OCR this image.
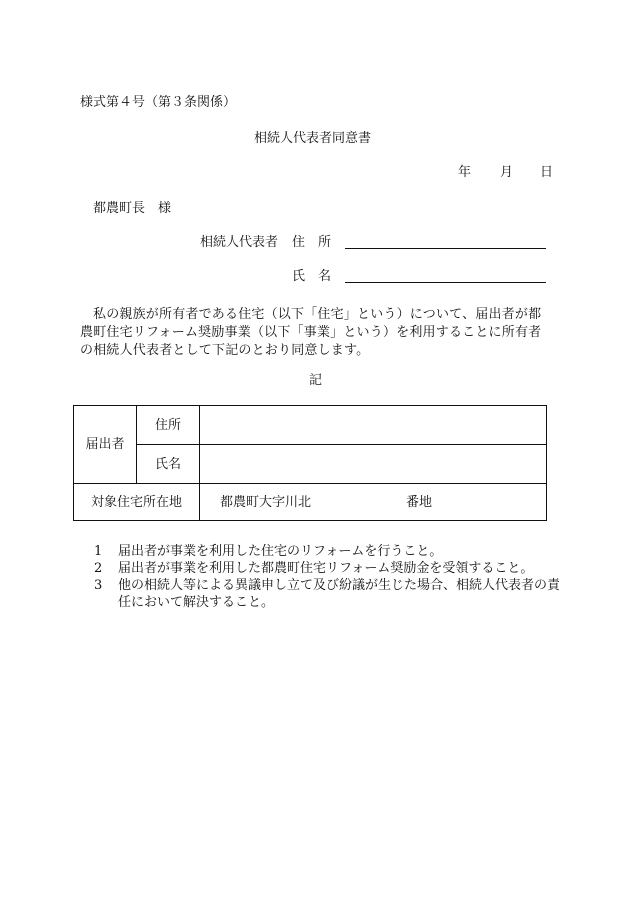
様式第４号（第３条関係）
相続人代表者同意書
年 月 日
都農町長　様
相続人代表者 住　所
氏　名
私の親族が所有者である住宅（以下「住宅」という）について、届出者が都農町住宅リフォーム奨励事業（以下「事業」という）を利用することに所有者の相続人代表者として下記のとおり同意します。
記
届出者	住所	
	氏名	
対象住宅所在地		都農町大字川北 番地
1	届出者が事業を利用した住宅のリフォームを行うこと。
2	届出者が事業を利用した都農町住宅リフォーム奨励金を受領すること。
3	他の相続人等による異議申し立て及び紛議が生じた場合、相続人代表者の責任において解決すること。
